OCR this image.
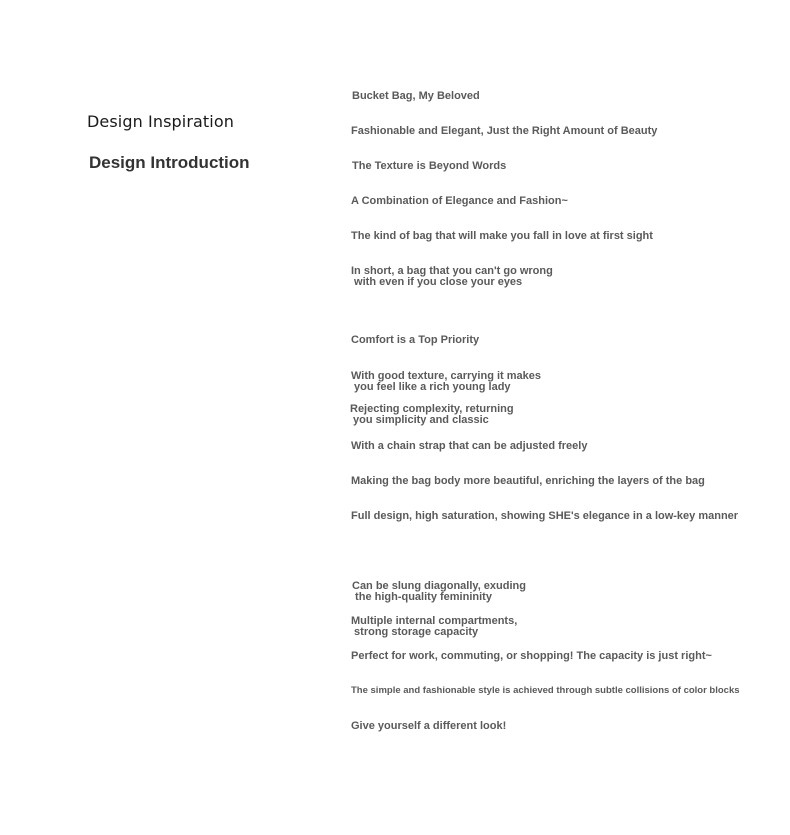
Design Inspiration
Design Introduction
Bucket Bag, My Beloved
Fashionable and Elegant, Just the Right Amount of Beauty
The Texture is Beyond Words
A Combination of Elegance and Fashion~
The kind of bag that will make you fall in love at first sight
In short, a bag that you can't go wrong
with even if you close your eyes
Comfort is a Top Priority
With good texture, carrying it makes
you feel like a rich young lady
Rejecting complexity, returning
you simplicity and classic
With a chain strap that can be adjusted freely
Making the bag body more beautiful, enriching the layers of the bag
Full design, high saturation, showing SHE's elegance in a low-key manner
Can be slung diagonally, exuding
the high-quality femininity
Multiple internal compartments,
strong storage capacity
Perfect for work, commuting, or shopping! The capacity is just right~
The simple and fashionable style is achieved through subtle collisions of color blocks
Give yourself a different look!
